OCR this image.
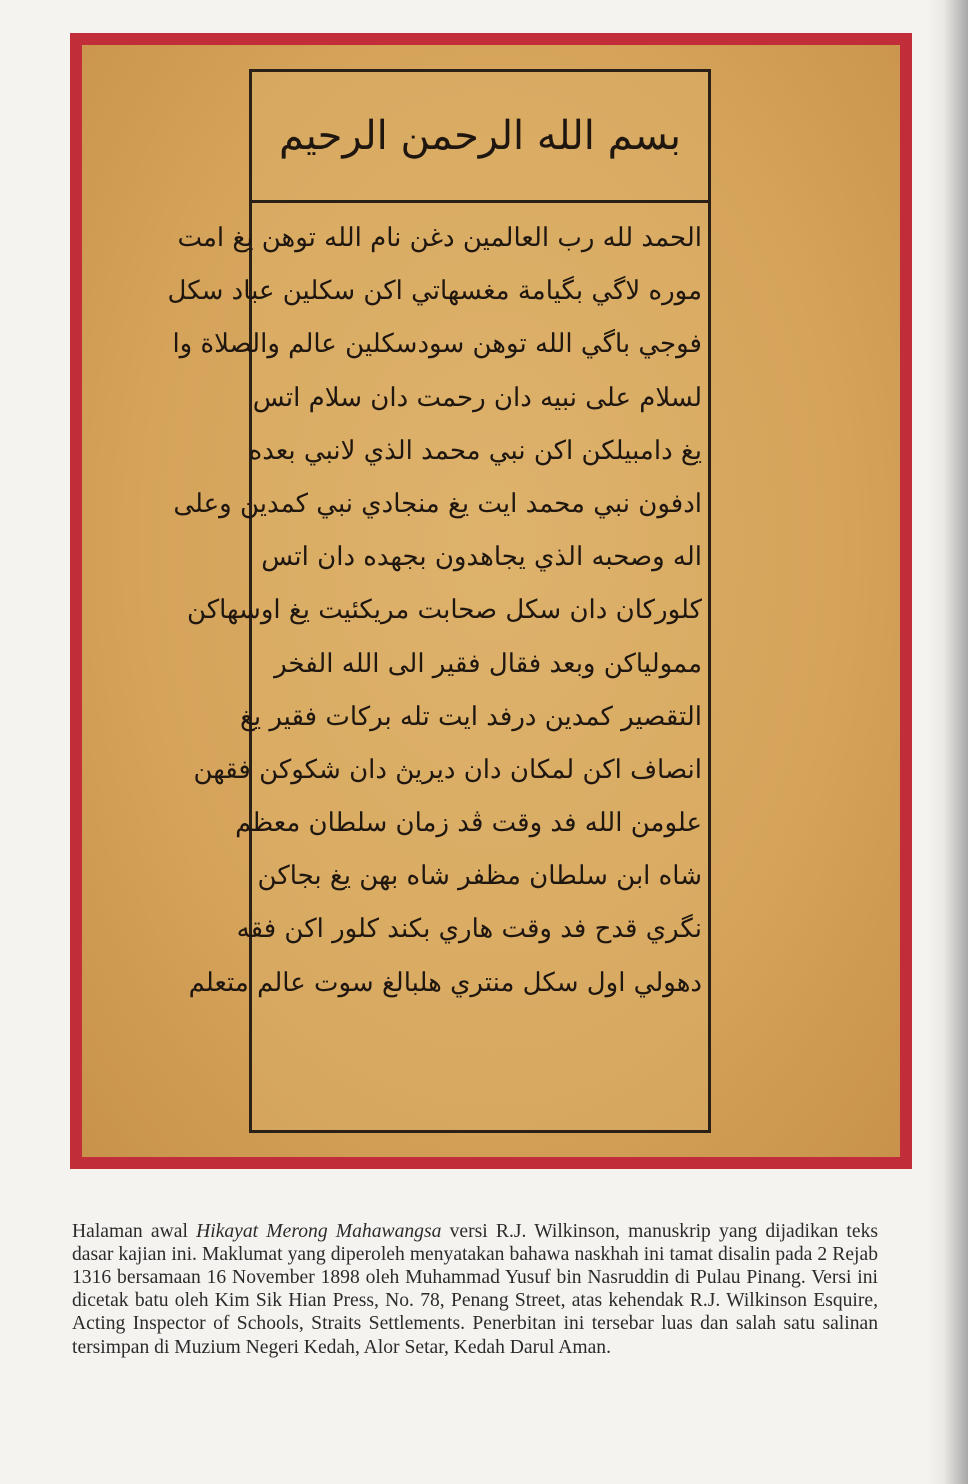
بسم الله الرحمن الرحيم
الحمد لله رب العالمين دغن نام الله توهن يغ امت
موره لاگي بگيامة مغسهاتي اكن سكلين عباد سكل
فوجي باگي الله توهن سودسكلين عالم والصلاة وا
لسلام على نبيه دان رحمت دان سلام اتس
يغ دامبيلكن اكن نبي محمد الذي لانبي بعده
ادفون نبي محمد ايت يغ منجادي نبي كمدين وعلى
اله وصحبه الذي يجاهدون بجهده دان اتس
كلوركان دان سكل صحابت مريكئيت يغ اوسهاكن
ممولياكن وبعد فقال فقير الى الله الفخر
التقصير كمدين درفد ايت تله بركات فقير يغ
انصاف اكن لمكان دان ديريڽ دان شكوكن فقهن
علومن الله فد وقت ڤد زمان سلطان معظم
شاه ابن سلطان مظفر شاه بهن يغ بجاكن
نگري قدح فد وقت هاري بكند كلور اكن فقه
دهولي اول سكل منتري هلبالغ سوت عالم متعلم

Halaman awal Hikayat Merong Mahawangsa versi R.J. Wilkinson, manuskrip yang dijadikan teks dasar kajian ini. Maklumat yang diperoleh menyatakan bahawa naskhah ini tamat disalin pada 2 Rejab 1316 bersamaan 16 November 1898 oleh Muhammad Yusuf bin Nasruddin di Pulau Pinang. Versi ini dicetak batu oleh Kim Sik Hian Press, No. 78, Penang Street, atas kehendak R.J. Wilkinson Esquire, Acting Inspector of Schools, Straits Settlements. Penerbitan ini tersebar luas dan salah satu salinan tersimpan di Muzium Negeri Kedah, Alor Setar, Kedah Darul Aman.
